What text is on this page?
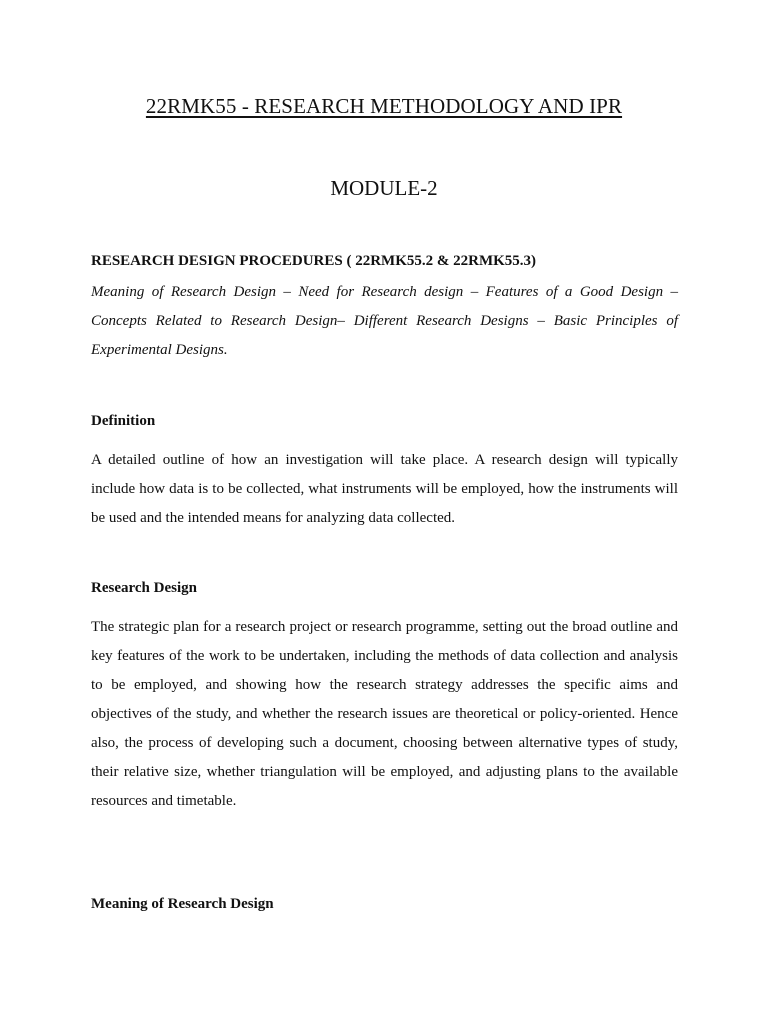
22RMK55 - RESEARCH METHODOLOGY AND IPR
MODULE-2

RESEARCH DESIGN PROCEDURES ( 22RMK55.2 & 22RMK55.3)

Meaning of Research Design – Need for Research design – Features of a Good Design – Concepts Related to Research Design– Different Research Designs – Basic Principles of Experimental Designs.

Definition

A detailed outline of how an investigation will take place. A research design will typically include how data is to be collected, what instruments will be employed, how the instruments will be used and the intended means for analyzing data collected.

Research Design

The strategic plan for a research project or research programme, setting out the broad outline and key features of the work to be undertaken, including the methods of data collection and analysis to be employed, and showing how the research strategy addresses the specific aims and objectives of the study, and whether the research issues are theoretical or policy-oriented. Hence also, the process of developing such a document, choosing between alternative types of study, their relative size, whether triangulation will be employed, and adjusting plans to the available resources and timetable.

Meaning of Research Design
